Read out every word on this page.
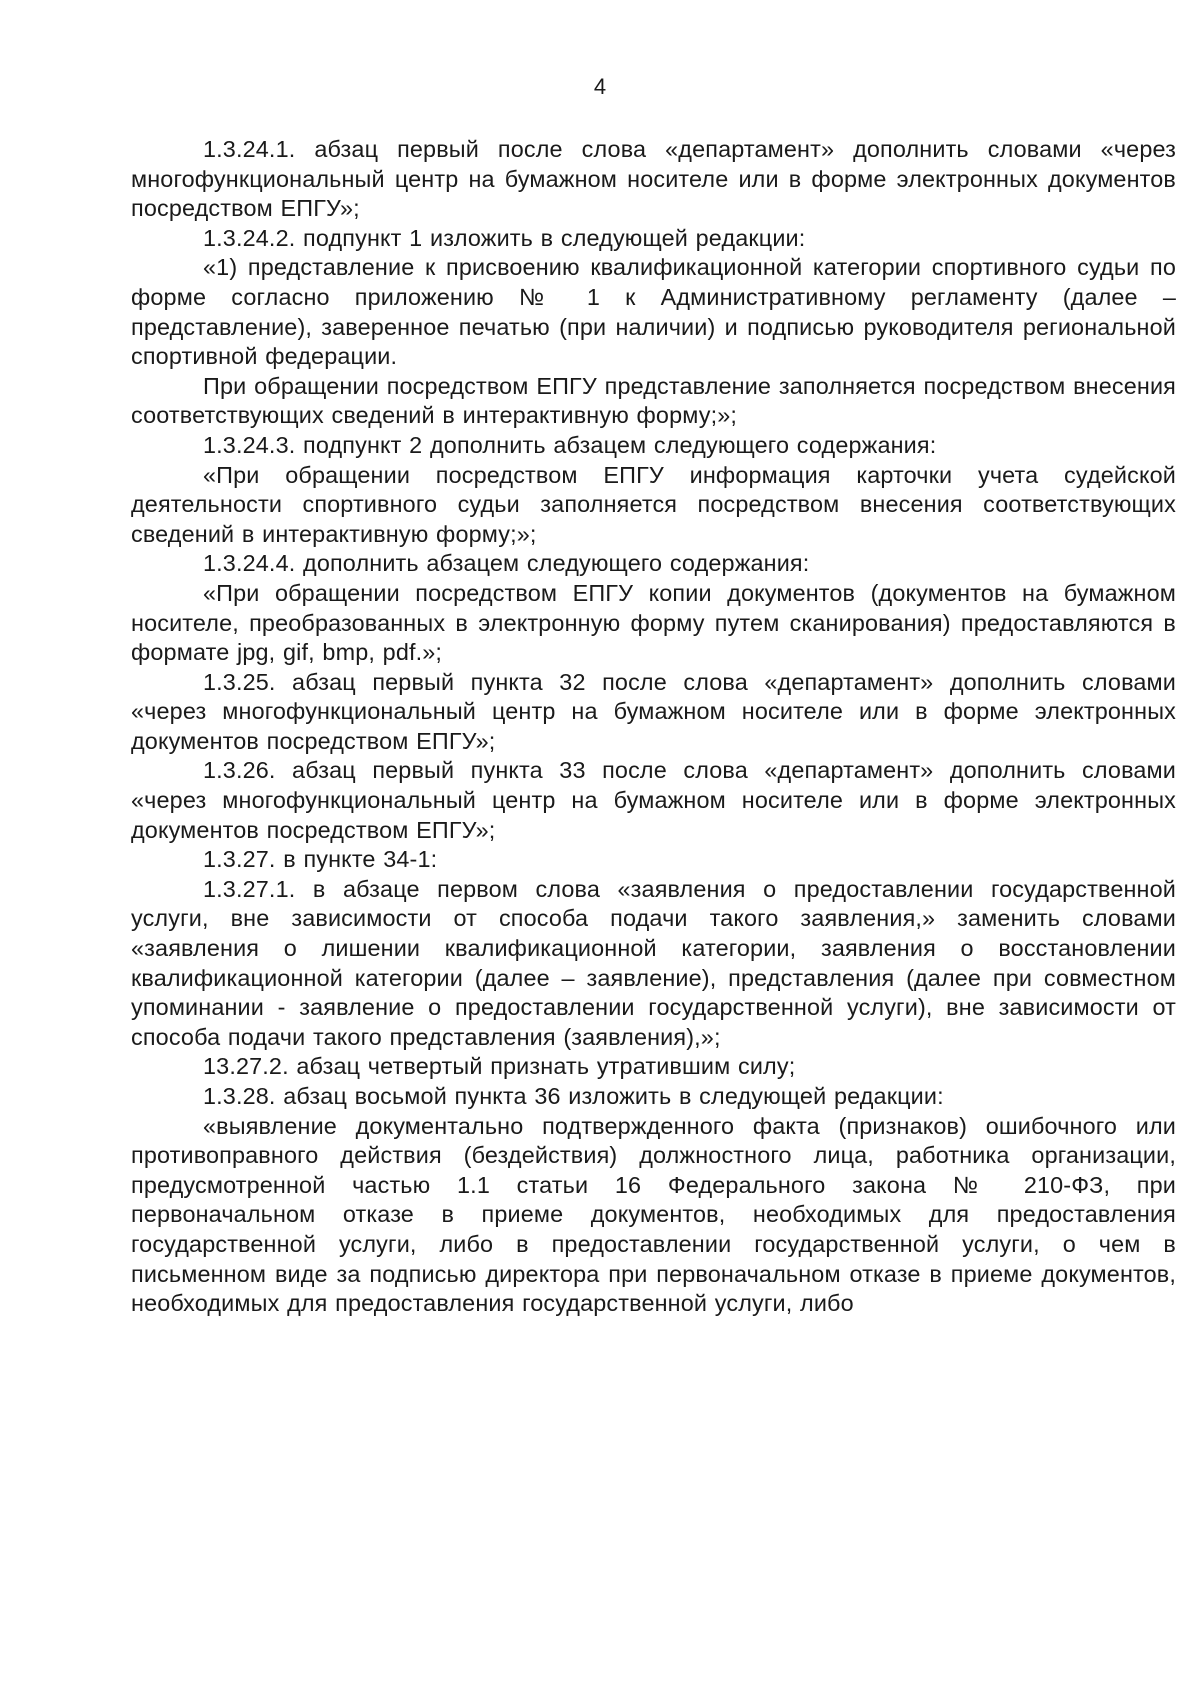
4

1.3.24.1. абзац первый после слова «департамент» дополнить словами «через многофункциональный центр на бумажном носителе или в форме электронных документов посредством ЕПГУ»;

1.3.24.2. подпункт 1 изложить в следующей редакции:

«1) представление к присвоению квалификационной категории спортивного судьи по форме согласно приложению № 1 к Административному регламенту (далее – представление), заверенное печатью (при наличии) и подписью руководителя региональной спортивной федерации.

При обращении посредством ЕПГУ представление заполняется посредством внесения соответствующих сведений в интерактивную форму;»;

1.3.24.3. подпункт 2 дополнить абзацем следующего содержания:

«При обращении посредством ЕПГУ информация карточки учета судейской деятельности спортивного судьи заполняется посредством внесения соответствующих сведений в интерактивную форму;»;

1.3.24.4. дополнить абзацем следующего содержания:

«При обращении посредством ЕПГУ копии документов (документов на бумажном носителе, преобразованных в электронную форму путем сканирования) предоставляются в формате jpg, gif, bmp, pdf.»;

1.3.25. абзац первый пункта 32 после слова «департамент» дополнить словами «через многофункциональный центр на бумажном носителе или в форме электронных документов посредством ЕПГУ»;

1.3.26. абзац первый пункта 33 после слова «департамент» дополнить словами «через многофункциональный центр на бумажном носителе или в форме электронных документов посредством ЕПГУ»;

1.3.27. в пункте 34-1:

1.3.27.1. в абзаце первом слова «заявления о предоставлении государственной услуги, вне зависимости от способа подачи такого заявления,» заменить словами «заявления о лишении квалификационной категории, заявления о восстановлении квалификационной категории (далее – заявление), представления (далее при совместном упоминании - заявление о предоставлении государственной услуги), вне зависимости от способа подачи такого представления (заявления),»;

13.27.2. абзац четвертый признать утратившим силу;

1.3.28. абзац восьмой пункта 36 изложить в следующей редакции:

«выявление документально подтвержденного факта (признаков) ошибочного или противоправного действия (бездействия) должностного лица, работника организации, предусмотренной частью 1.1 статьи 16 Федерального закона № 210-ФЗ, при первоначальном отказе в приеме документов, необходимых для предоставления государственной услуги, либо в предоставлении государственной услуги, о чем в письменном виде за подписью директора при первоначальном отказе в приеме документов, необходимых для предоставления государственной услуги, либо
